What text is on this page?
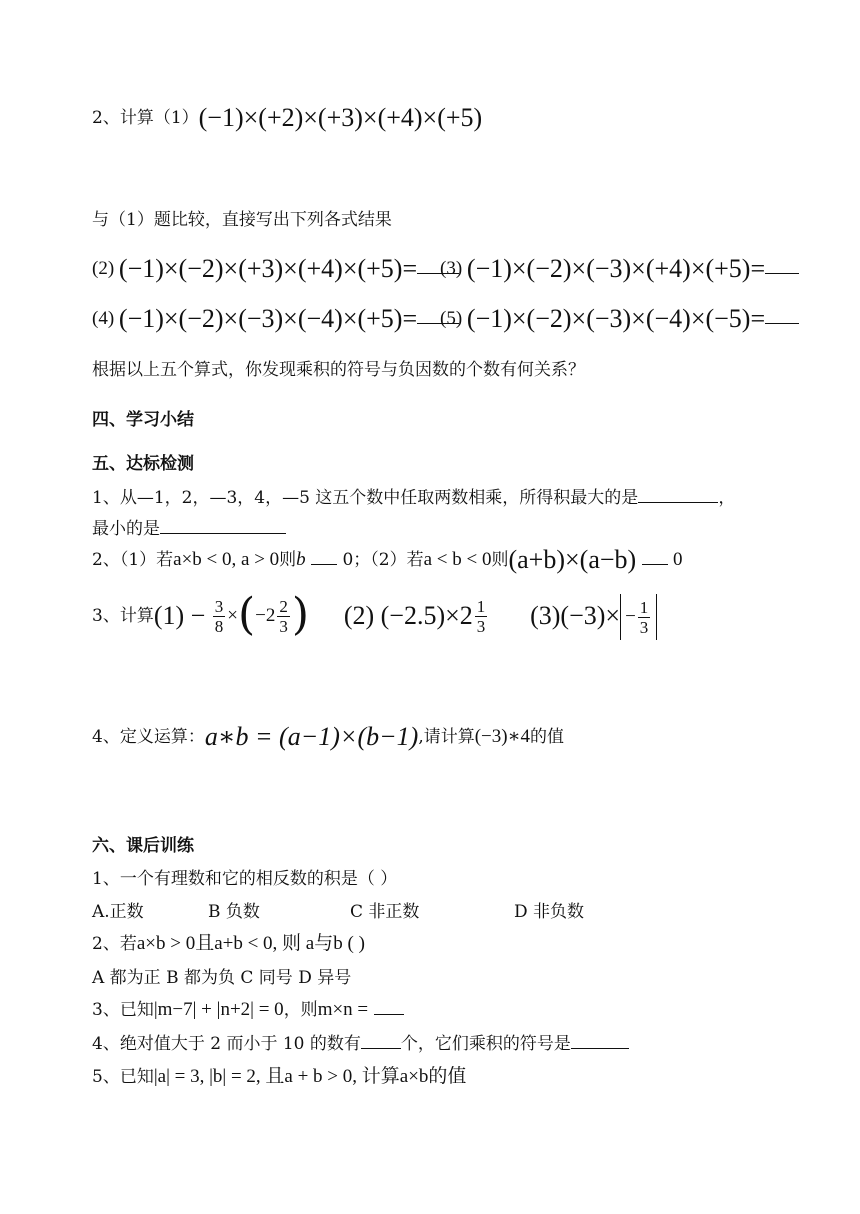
2、计算（1）(−1)×(+2)×(+3)×(+4)×(+5)
与（1）题比较，直接写出下列各式结果
(2) (−1)×(−2)×(+3)×(+4)×(+5)=	(3) (−1)×(−2)×(−3)×(+4)×(+5)=
(4) (−1)×(−2)×(−3)×(−4)×(+5)=	(5) (−1)×(−2)×(−3)×(−4)×(−5)=
根据以上五个算式，你发现乘积的符号与负因数的个数有何关系？
四、学习小结
五、达标检测
1、从—1，2，—3，4，—5 这五个数中任取两数相乘，所得积最大的是	，
最小的是
2、（1）若a×b < 0, a > 0则b 0；（2）若a < b < 0则(a+b)×(a−b) 0
3、计算$(1) - \frac{3}{8} \times(-2 \frac{2}{3}$ ) (2) $(-2.5)\times 2 \frac{1}{3} (3)(-3)\times - \frac{1}{3}$
4、定义运算：a∗b = (a−1)×(b−1),请计算(−3)∗4的值
六、课后训练
1、一个有理数和它的相反数的积是（ ）
A.正数	B 负数	C 非正数	D 非负数
2、若a×b > 0且a+b < 0, 则 a与b ( )
A 都为正 B 都为负 C 同号 D 异号
3、已知|m−7| + |n+2| = 0，则m×n =
4、绝对值大于 2 而小于 10 的数有 个，它们乘积的符号是
5、已知|a| = 3, |b| = 2, 且a + b > 0, 计算a×b的值
